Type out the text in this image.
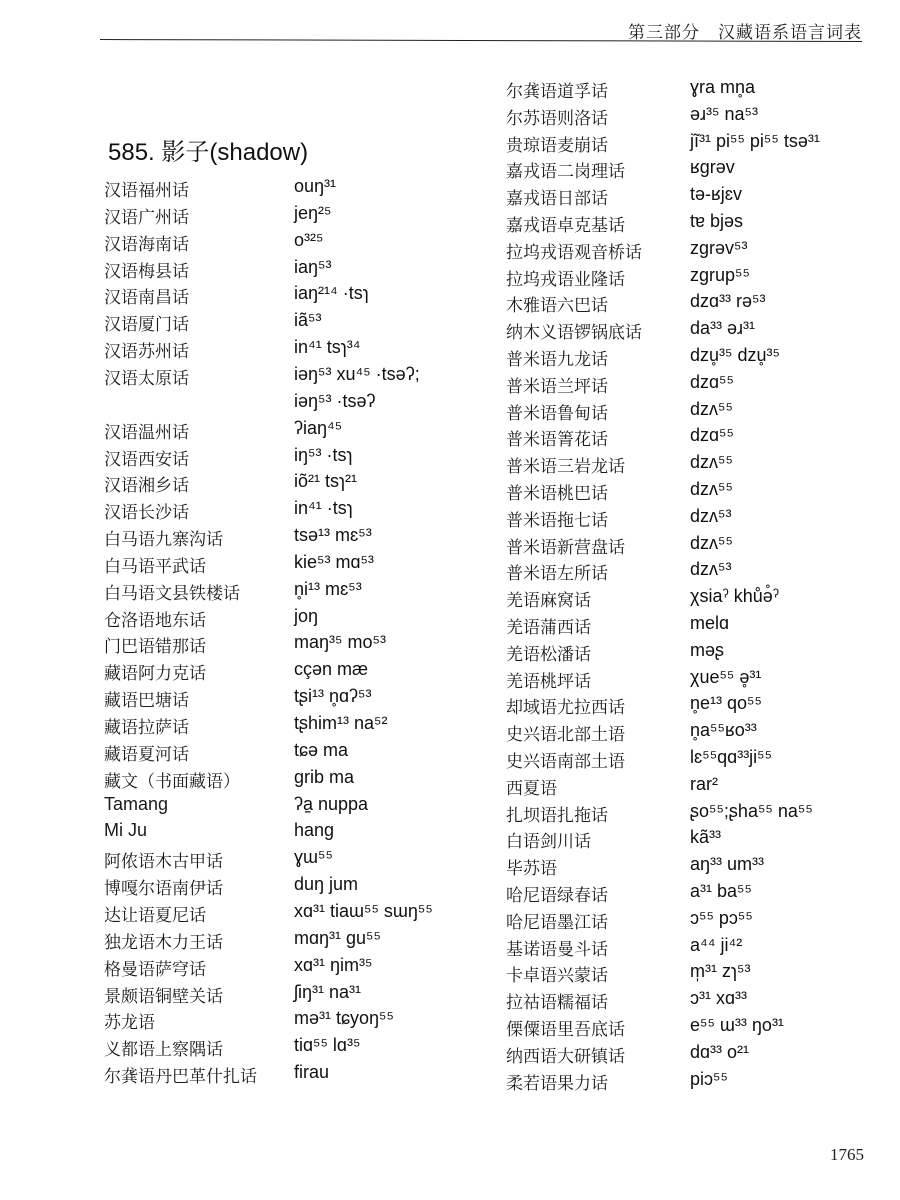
第三部分　汉藏语系语言词表
585. 影子(shadow)
汉语福州话	ouŋ³¹
汉语广州话	jeŋ²⁵
汉语海南话	o³²⁵
汉语梅县话	iaŋ⁵³
汉语南昌话	iaŋ²¹⁴ ·tsɿ
汉语厦门话	iã⁵³
汉语苏州话	in⁴¹ tsɿ³⁴
汉语太原话	iəŋ⁵³ xu⁴⁵ ·tsəʔ;
iəŋ⁵³ ·tsəʔ
汉语温州话	ʔiaŋ⁴⁵
汉语西安话	iŋ⁵³ ·tsɿ
汉语湘乡话	iõ²¹ tsɿ²¹
汉语长沙话	in⁴¹ ·tsɿ
白马语九寨沟话	tsə¹³ mɛ⁵³
白马语平武话	kie⁵³ mɑ⁵³
白马语文县铁楼话	n̥i¹³ mɛ⁵³
仓洛语地东话	joŋ
门巴语错那话	maŋ³⁵ mo⁵³
藏语阿力克话	cçən mæ
藏语巴塘话	tʂi¹³ n̥ɑʔ⁵³
藏语拉萨话	tʂhim¹³ na⁵²
藏语夏河话	tɕə ma
藏文（书面藏语）	grib ma
Tamang	ʔa̠ nuppa
Mi Ju	hang
阿侬语木古甲话	ɣɯ⁵⁵
博嘎尔语南伊话	duŋ jum
达让语夏尼话	xɑ³¹ tiaɯ⁵⁵ sɯŋ⁵⁵
独龙语木力王话	mɑŋ³¹ gu⁵⁵
格曼语萨穹话	xɑ³¹ ŋim³⁵
景颇语铜壁关话	ʃiŋ³¹ na³¹
苏龙语	mə³¹ tɕyoŋ⁵⁵
义都语上察隅话	tiɑ⁵⁵ lɑ³⁵
尔龚语丹巴革什扎话 firau
尔龚语道孚话	ɣra mn̥a
尔苏语则洛话	əɹ³⁵ na⁵³
贵琼语麦崩话	jĩ³¹ pi⁵⁵ pi⁵⁵ tsə³¹
嘉戎语二岗理话	ʁgrəv
嘉戎语日部话	tə-ʁjɛv
嘉戎语卓克基话	tɐ bjəs
拉坞戎语观音桥话	zgrəv⁵³
拉坞戎语业隆话	zgrup⁵⁵
木雅语六巴话	dzɑ³³ rə⁵³
纳木义语锣锅底话	da³³ əɹ³¹
普米语九龙话	dzu̥³⁵ dzu̥³⁵
普米语兰坪话	dzɑ⁵⁵
普米语鲁甸话	dzʌ⁵⁵
普米语箐花话	dzɑ⁵⁵
普米语三岩龙话	dzʌ⁵⁵
普米语桃巴话	dzʌ⁵⁵
普米语拖七话	dzʌ⁵³
普米语新营盘话	dzʌ⁵⁵
普米语左所话	dzʌ⁵³
羌语麻窝话	χsiaˀ khůə̊ˀ
羌语蒲西话	melɑ
羌语松潘话	məʂ
羌语桃坪话	χue⁵⁵ ə̥³¹
却域语尤拉西话	n̥e¹³ qo⁵⁵
史兴语北部土语	n̥a⁵⁵ʁo³³
史兴语南部土语	lɛ⁵⁵qɑ³³ji⁵⁵
西夏语	rar²
扎坝语扎拖话	ʂo⁵⁵;ʂha⁵⁵ na⁵⁵
白语剑川话	kã³³
毕苏语	aŋ³³ um³³
哈尼语绿春话	a³¹ ba⁵⁵
哈尼语墨江话	ɔ⁵⁵ pɔ⁵⁵
基诺语曼斗话	a⁴⁴ ji⁴²
卡卓语兴蒙话	m̩³¹ zɿ⁵³
拉祜语糯福话	ɔ³¹ xɑ³³
傈僳语里吾底话	e⁵⁵ ɯ³³ ŋo³¹
纳西语大研镇话	dɑ³³ o²¹
柔若语果力话	piɔ⁵⁵
1765
